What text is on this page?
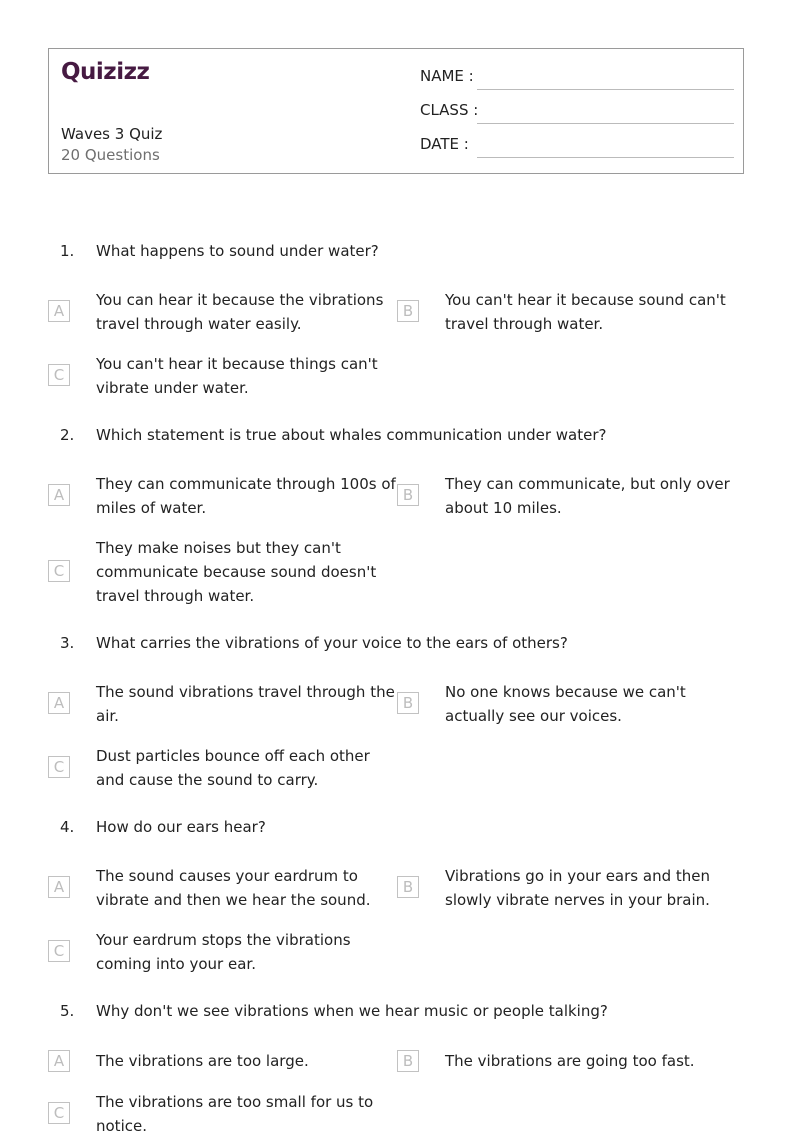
Quizizz
Waves 3 Quiz
20 Questions
NAME :
CLASS :
DATE :
1. What happens to sound under water?
A
You can hear it because the vibrations travel through water easily.
B
You can't hear it because sound can't travel through water.
C
You can't hear it because things can't vibrate under water.
2. Which statement is true about whales communication under water?
A
They can communicate through 100s of miles of water.
B
They can communicate, but only over about 10 miles.
C
They make noises but they can't communicate because sound doesn't travel through water.
3. What carries the vibrations of your voice to the ears of others?
A
The sound vibrations travel through the air.
B
No one knows because we can't actually see our voices.
C
Dust particles bounce off each other and cause the sound to carry.
4. How do our ears hear?
A
The sound causes your eardrum to vibrate and then we hear the sound.
B
Vibrations go in your ears and then slowly vibrate nerves in your brain.
C
Your eardrum stops the vibrations coming into your ear.
5. Why don't we see vibrations when we hear music or people talking?
A	The vibrations are too large.	B	The vibrations are going too fast.
C
The vibrations are too small for us to notice.
